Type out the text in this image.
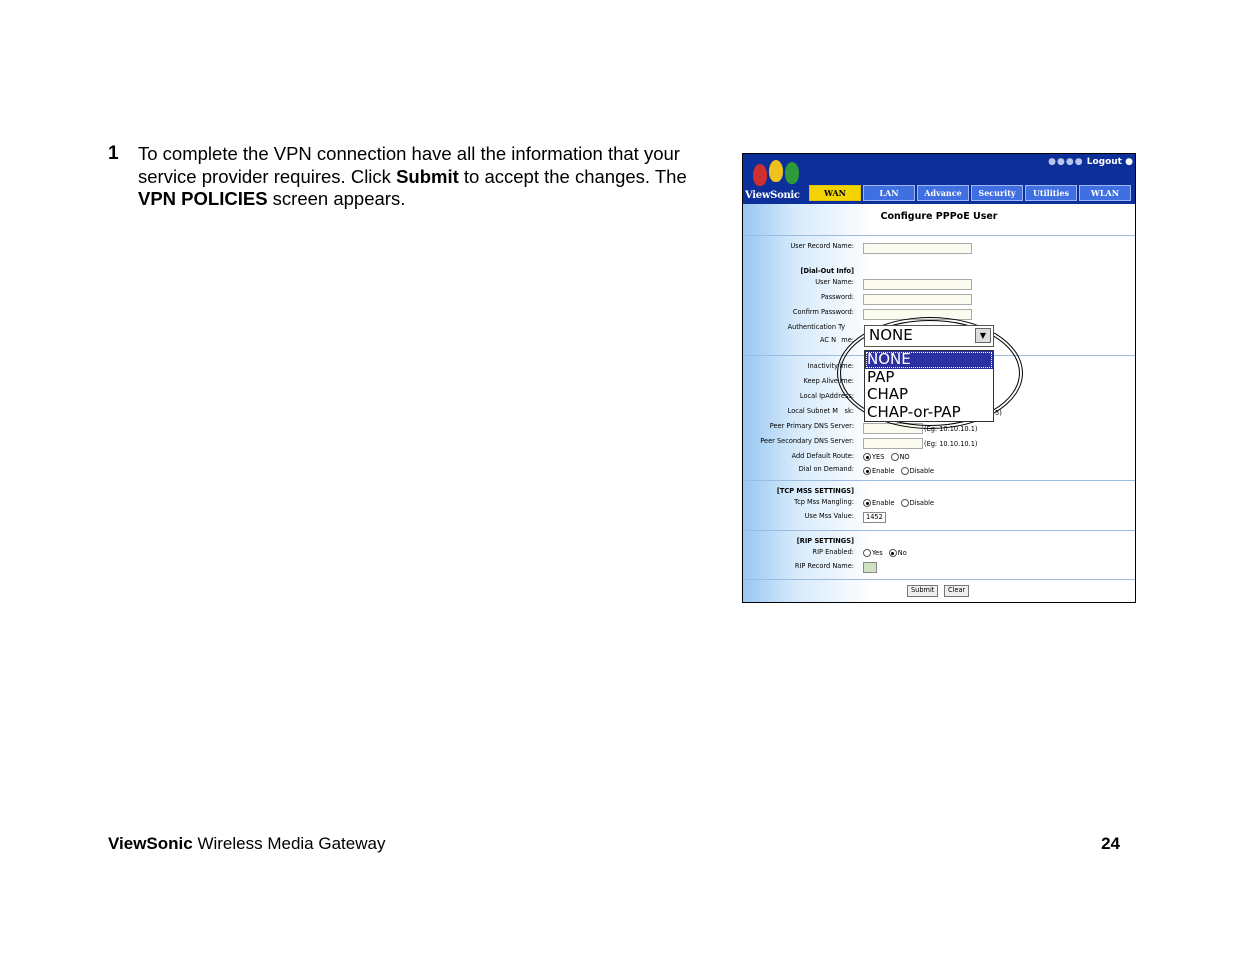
1 To complete the VPN connection have all the information that your service provider requires. Click Submit to accept the changes. The VPN POLICIES screen appears.	ViewSonic
●●●● Logout ●
WAN	LAN	Advance	Security	Utilities	WLAN
Configure PPPoE User
User Record Name:
[Dial-Out Info]
User Name:
Password:
Confirm Password:
Authentication Ty
AC N me:
Inactivity ime:
Keep Alive ime:
Local IpAdd ress:
Local Subnet M sk:	5)
Peer Primary DNS Server:	(Eg: 10.10.10.1)
Peer Secondary DNS Server:	(Eg: 10.10.10.1)
Add Default Route:	YES NO
Dial on Demand:	Enable Disable
[TCP MSS SETTINGS]
Tcp Mss Mangling:	Enable Disable
Use Mss Value:	1452
[RIP SETTINGS]
RIP Enabled:	Yes No
RIP Record Name:
Submit	Clear
NONE	▼
NONE
PAP
CHAP
CHAP-or-PAP
ViewSonic Wireless Media Gateway	24
